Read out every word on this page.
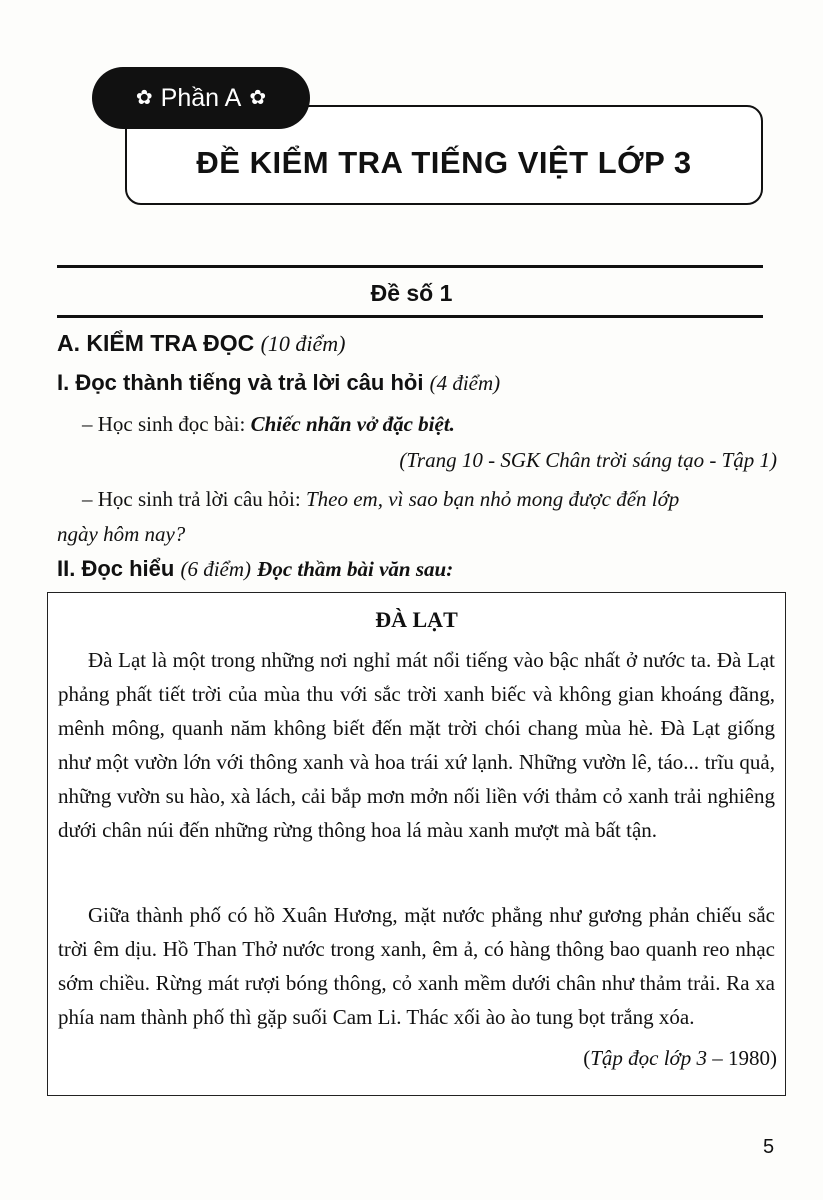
ĐỀ KIỂM TRA TIẾNG VIỆT LỚP 3
✿ Phần A ✿
Đề số 1
A. KIỂM TRA ĐỌC (10 điểm)
I. Đọc thành tiếng và trả lời câu hỏi (4 điểm)
– Học sinh đọc bài: Chiếc nhãn vở đặc biệt.
(Trang 10 - SGK Chân trời sáng tạo - Tập 1)
– Học sinh trả lời câu hỏi: Theo em, vì sao bạn nhỏ mong được đến lớp
ngày hôm nay?
II. Đọc hiểu (6 điểm) Đọc thầm bài văn sau:
ĐÀ LẠT

Đà Lạt là một trong những nơi nghỉ mát nổi tiếng vào bậc nhất ở nước ta. Đà Lạt phảng phất tiết trời của mùa thu với sắc trời xanh biếc và không gian khoáng đãng, mênh mông, quanh năm không biết đến mặt trời chói chang mùa hè. Đà Lạt giống như một vườn lớn với thông xanh và hoa trái xứ lạnh. Những vườn lê, táo... trĩu quả, những vườn su hào, xà lách, cải bắp mơn mởn nối liền với thảm cỏ xanh trải nghiêng dưới chân núi đến những rừng thông hoa lá màu xanh mượt mà bất tận.

Giữa thành phố có hồ Xuân Hương, mặt nước phẳng như gương phản chiếu sắc trời êm dịu. Hồ Than Thở nước trong xanh, êm ả, có hàng thông bao quanh reo nhạc sớm chiều. Rừng mát rượi bóng thông, cỏ xanh mềm dưới chân như thảm trải. Ra xa phía nam thành phố thì gặp suối Cam Li. Thác xối ào ào tung bọt trắng xóa.

(Tập đọc lớp 3 – 1980)
5
